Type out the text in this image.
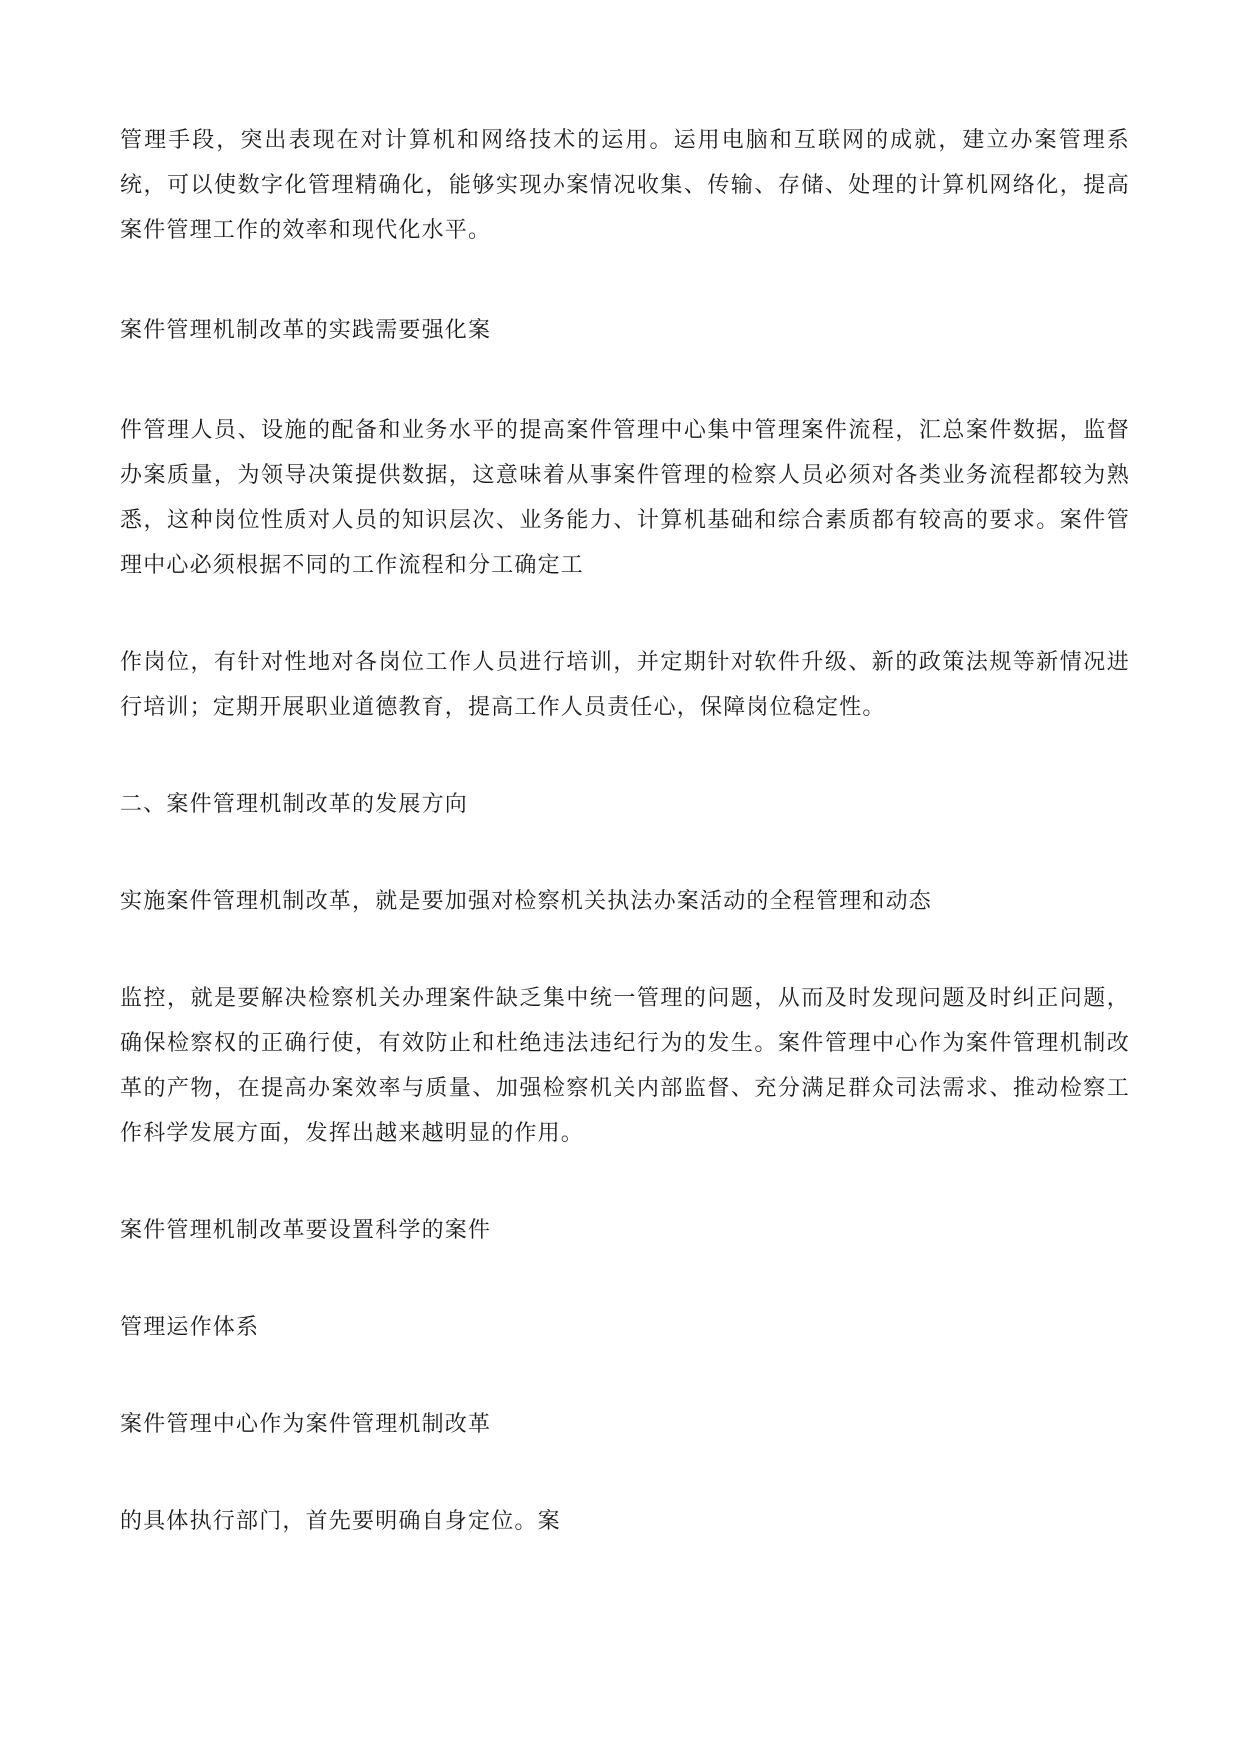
管理手段，突出表现在对计算机和网络技术的运用。运用电脑和互联网的成就，建立办案管理系统，可以使数字化管理精确化，能够实现办案情况收集、传输、存储、处理的计算机网络化，提高案件管理工作的效率和现代化水平。

案件管理机制改革的实践需要强化案

件管理人员、设施的配备和业务水平的提高案件管理中心集中管理案件流程，汇总案件数据，监督办案质量，为领导决策提供数据，这意味着从事案件管理的检察人员必须对各类业务流程都较为熟悉，这种岗位性质对人员的知识层次、业务能力、计算机基础和综合素质都有较高的要求。案件管理中心必须根据不同的工作流程和分工确定工

作岗位，有针对性地对各岗位工作人员进行培训，并定期针对软件升级、新的政策法规等新情况进行培训；定期开展职业道德教育，提高工作人员责任心，保障岗位稳定性。

二、案件管理机制改革的发展方向

实施案件管理机制改革，就是要加强对检察机关执法办案活动的全程管理和动态

监控，就是要解决检察机关办理案件缺乏集中统一管理的问题，从而及时发现问题及时纠正问题，确保检察权的正确行使，有效防止和杜绝违法违纪行为的发生。案件管理中心作为案件管理机制改革的产物，在提高办案效率与质量、加强检察机关内部监督、充分满足群众司法需求、推动检察工作科学发展方面，发挥出越来越明显的作用。

案件管理机制改革要设置科学的案件

管理运作体系

案件管理中心作为案件管理机制改革

的具体执行部门，首先要明确自身定位。案
